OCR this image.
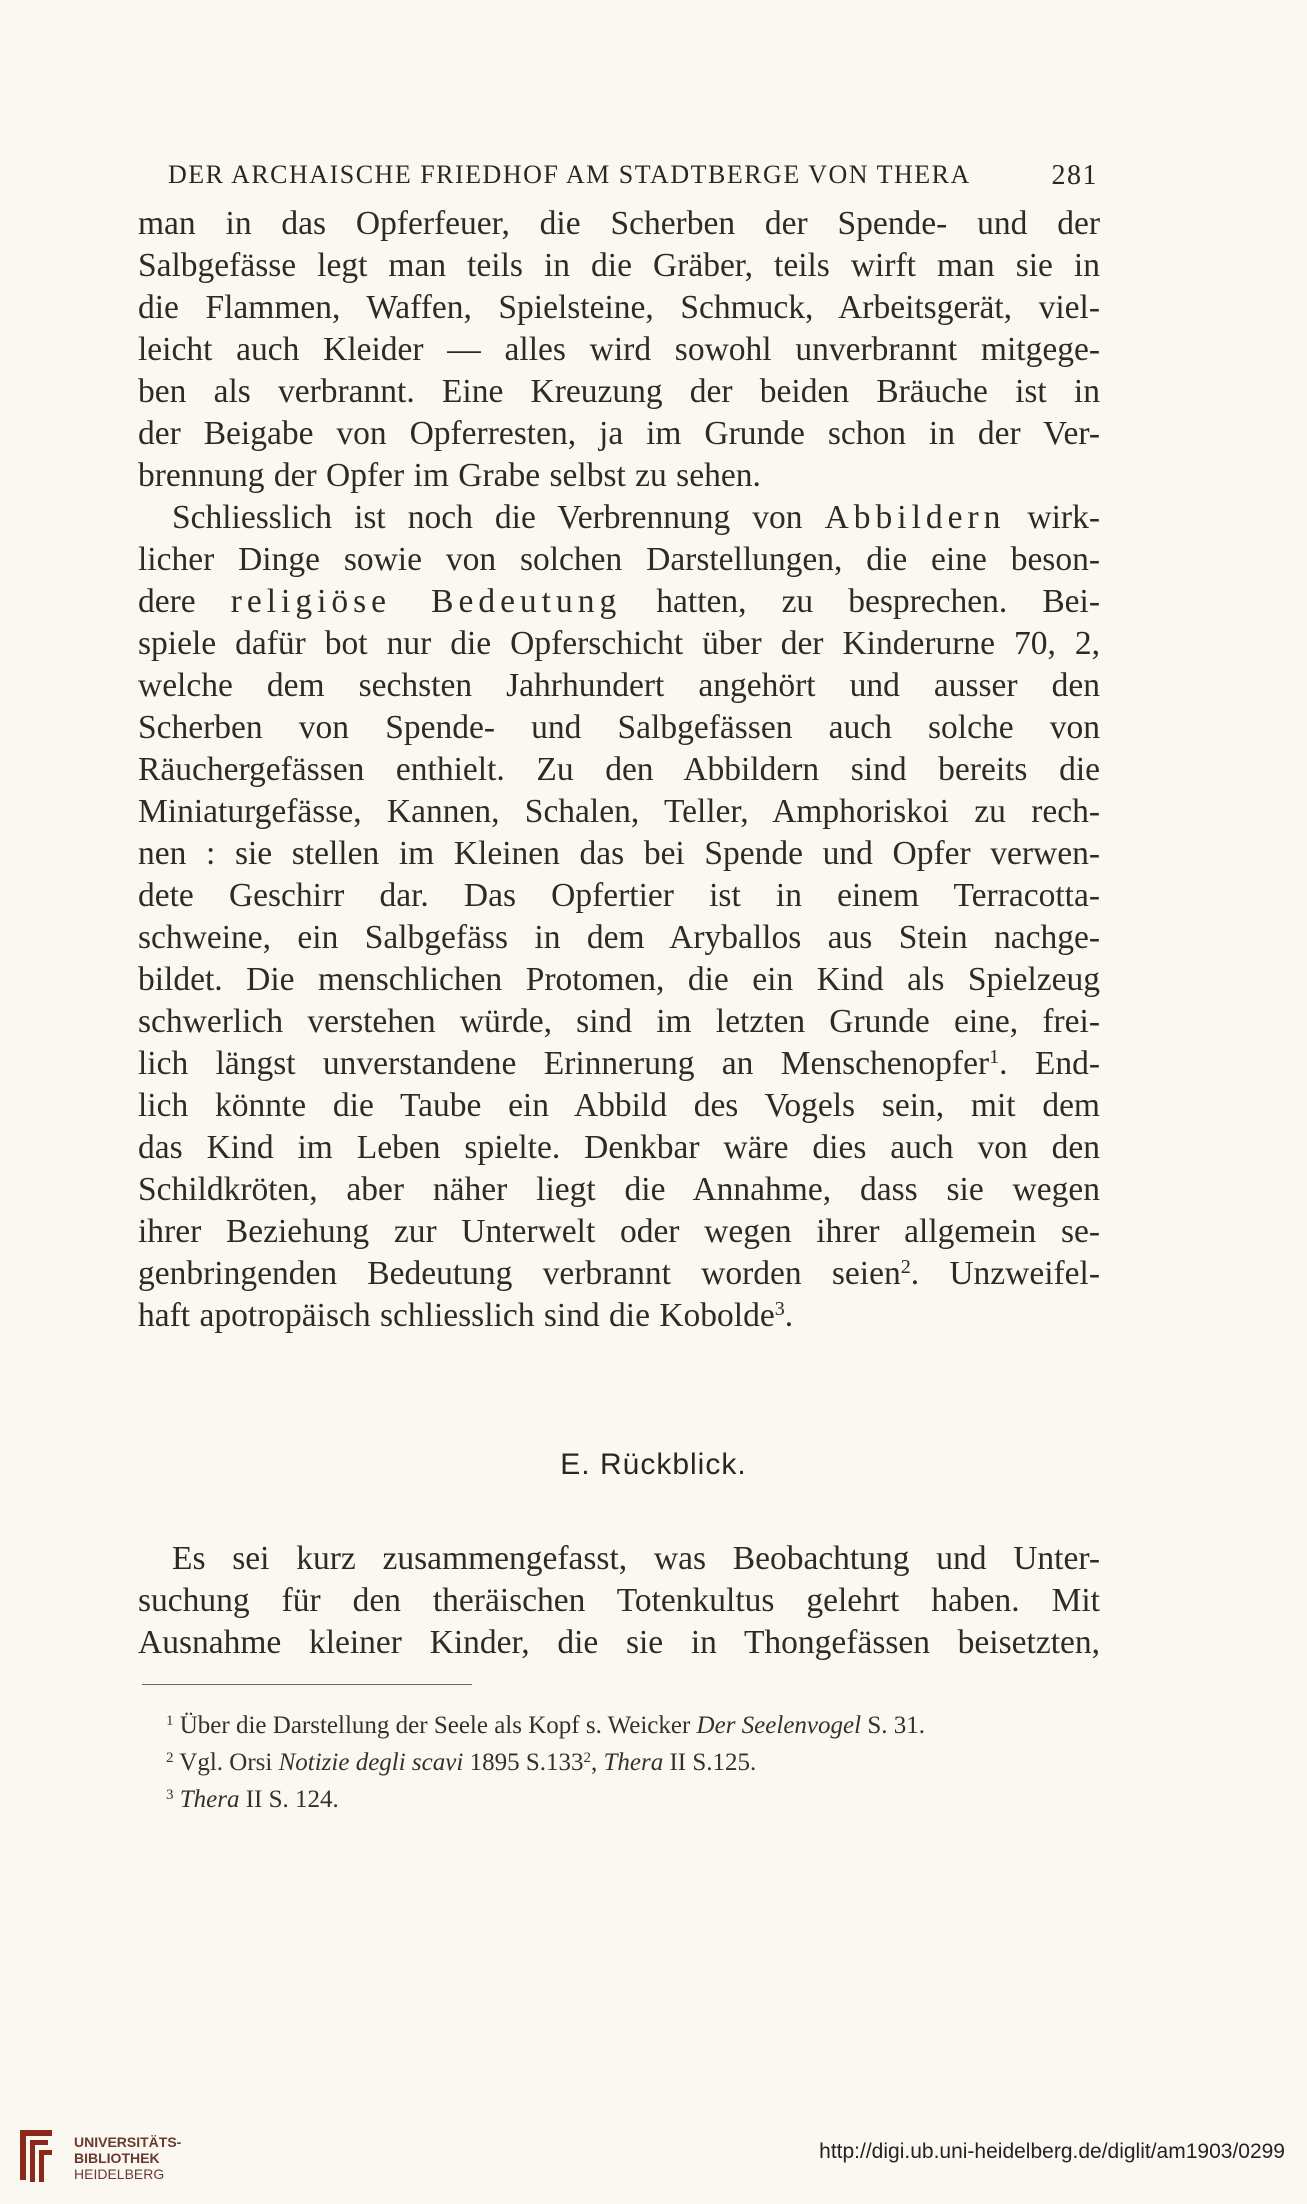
DER ARCHAISCHE FRIEDHOF AM STADTBERGE VON THERA	281
man in das Opferfeuer, die Scherben der Spende- und der
Salbgefässe legt man teils in die Gräber, teils wirft man sie in
die Flammen, Waffen, Spielsteine, Schmuck, Arbeitsgerät, viel-
leicht auch Kleider — alles wird sowohl unverbrannt mitgege-
ben als verbrannt. Eine Kreuzung der beiden Bräuche ist in
der Beigabe von Opferresten, ja im Grunde schon in der Ver-
brennung der Opfer im Grabe selbst zu sehen.
Schliesslich ist noch die Verbrennung von Abbildern wirk-
licher Dinge sowie von solchen Darstellungen, die eine beson-
dere religiöse Bedeutung hatten, zu besprechen. Bei-
spiele dafür bot nur die Opferschicht über der Kinderurne 70, 2,
welche dem sechsten Jahrhundert angehört und ausser den
Scherben von Spende- und Salbgefässen auch solche von
Räuchergefässen enthielt. Zu den Abbildern sind bereits die
Miniaturgefässe, Kannen, Schalen, Teller, Amphoriskoi zu rech-
nen : sie stellen im Kleinen das bei Spende und Opfer verwen-
dete Geschirr dar. Das Opfertier ist in einem Terracotta-
schweine, ein Salbgefäss in dem Aryballos aus Stein nachge-
bildet. Die menschlichen Protomen, die ein Kind als Spielzeug
schwerlich verstehen würde, sind im letzten Grunde eine, frei-
lich längst unverstandene Erinnerung an Menschenopfer$^1$. End-
lich könnte die Taube ein Abbild des Vogels sein, mit dem
das Kind im Leben spielte. Denkbar wäre dies auch von den
Schildkröten, aber näher liegt die Annahme, dass sie wegen
ihrer Beziehung zur Unterwelt oder wegen ihrer allgemein se-
genbringenden Bedeutung verbrannt worden seien$^2$. Unzweifel-
haft apotropäisch schliesslich sind die Kobolde$^3$.
E. Rückblick.
Es sei kurz zusammengefasst, was Beobachtung und Unter-
suchung für den theräischen Totenkultus gelehrt haben. Mit
Ausnahme kleiner Kinder, die sie in Thongefässen beisetzten,
$^1$ Über die Darstellung der Seele als Kopf s. Weicker Der Seelenvogel S. 31.
$^2$ Vgl. Orsi Notizie degli scavi 1895 S.133$^2$, Thera II S.125.
$^3$ Thera II S. 124.
UNIVERSITÄTS-
BIBLIOTHEK
HEIDELBERG
http://digi.ub.uni-heidelberg.de/diglit/am1903/0299
